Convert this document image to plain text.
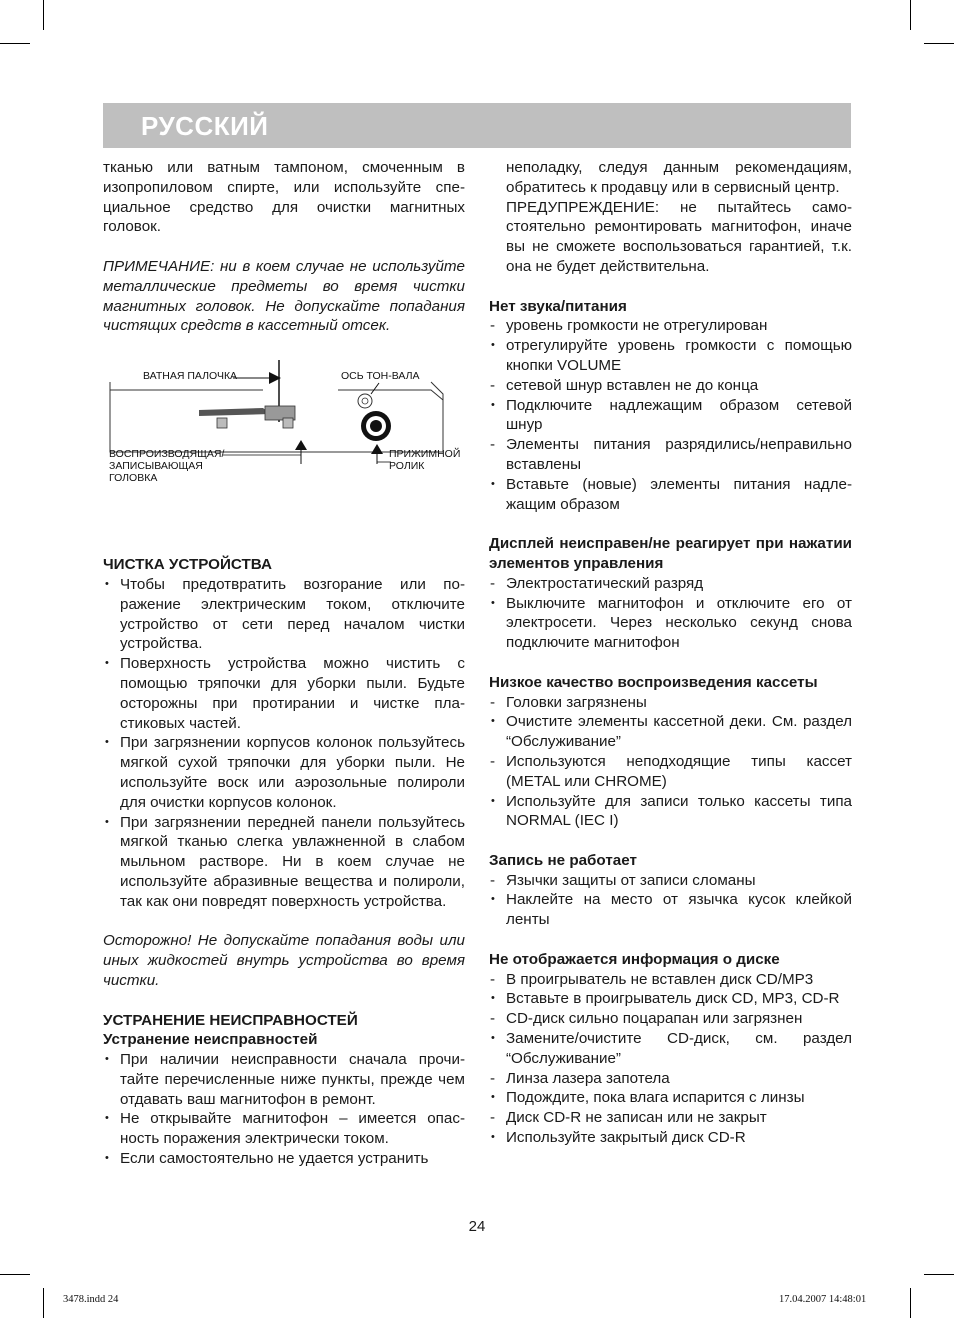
РУССКИЙ

тканью или ватным тампоном, смоченным в изопропиловом спирте, или используйте специальное средство для очистки магнитных головок.

ПРИМЕЧАНИЕ: ни в коем случае не используйте металлические предметы во время чистки магнитных головок. Не допускайте попадания чистящих средств в кассетный отсек.

ВАТНАЯ ПАЛОЧКА	ОСЬ ТОН-ВАЛА
ВОСПРОИЗВОДЯЩАЯ/
ЗАПИСЫВАЮЩАЯ
ГОЛОВКА
ПРИЖИМНОЙ
РОЛИК

ЧИСТКА УСТРОЙСТВА

• Чтобы предотвратить возгорание или поражение электрическим током, отключите устройство от сети перед началом чистки устройства.
• Поверхность устройства можно чистить с помощью тряпочки для уборки пыли. Будьте осторожны при протирании и чистке пластиковых частей.
• При загрязнении корпусов колонок пользуйтесь мягкой сухой тряпочки для уборки пыли. Не используйте воск или аэрозольные полироли для очистки корпусов колонок.
• При загрязнении передней панели пользуйтесь мягкой тканью слегка увлажненной в слабом мыльном растворе. Ни в коем случае не используйте абразивные вещества и полироли, так как они повредят поверхность устройства.

Осторожно! Не допускайте попадания воды или иных жидкостей внутрь устройства во время чистки.

УСТРАНЕНИЕ НЕИСПРАВНОСТЕЙ

Устранение неисправностей

• При наличии неисправности сначала прочитайте перечисленные ниже пункты, прежде чем отдавать ваш магнитофон в ремонт.
• Не открывайте магнитофон – имеется опасность поражения электрически током.
• Если самостоятельно не удается устранить

неполадку, следуя данным рекомендациям, обратитесь к продавцу или в сервисный центр.

ПРЕДУПРЕЖДЕНИЕ: не пытайтесь самостоятельно ремонтировать магнитофон, иначе вы не сможете воспользоваться гарантией, т.к. она не будет действительна.

Нет звука/питания

- уровень громкости не отрегулирован
• отрегулируйте уровень громкости с помощью кнопки VOLUME
- сетевой шнур вставлен не до конца
• Подключите надлежащим образом сетевой шнур
- Элементы питания разрядились/неправильно вставлены
• Вставьте (новые) элементы питания надлежащим образом

Дисплей неисправен/не реагирует при нажатии элементов управления

- Электростатический разряд
• Выключите магнитофон и отключите его от электросети. Через несколько секунд снова подключите магнитофон

Низкое качество воспроизведения кассеты

- Головки загрязнены
• Очистите элементы кассетной деки. См. раздел “Обслуживание”
- Используются неподходящие типы кассет (METAL или CHROME)
• Используйте для записи только кассеты типа NORMAL (IEC I)

Запись не работает

- Язычки защиты от записи сломаны
• Наклейте на место от язычка кусок клейкой ленты

Не отображается информация о диске

- В проигрыватель не вставлен диск CD/MP3
• Вставьте в проигрыватель диск CD, MP3, CD-R
- CD-диск сильно поцарапан или загрязнен
• Замените/очистите CD-диск, см. раздел “Обслуживание”
- Линза лазера запотела
• Подождите, пока влага испарится с линзы
- Диск CD-R не записан или не закрыт
• Используйте закрытый диск CD-R
24
3478.indd 24	17.04.2007 14:48:01
